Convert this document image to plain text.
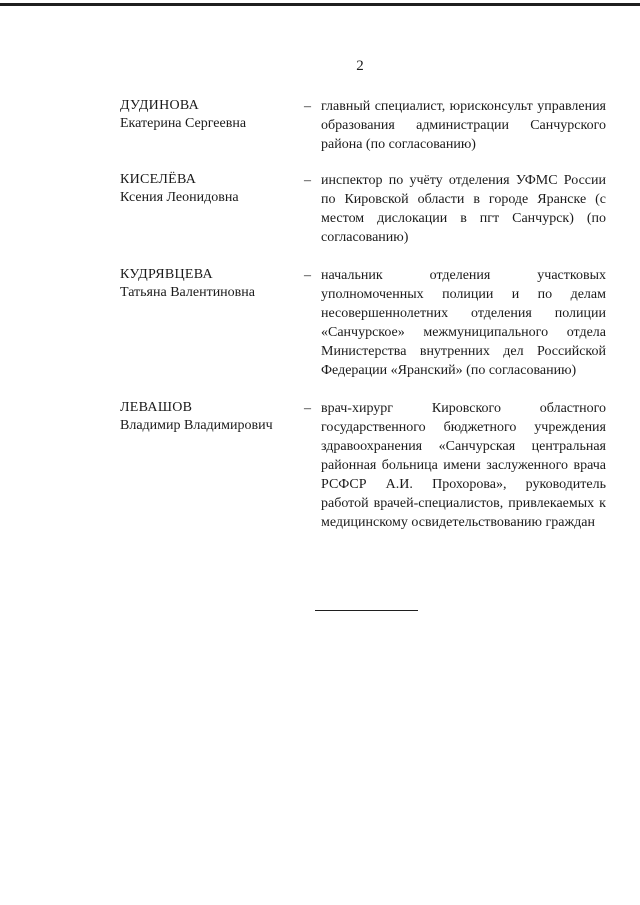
2
ДУДИНОВА
Екатерина Сергеевна
– главный специалист, юрисконсульт управления образования администрации Санчурского района (по согласованию)
КИСЕЛЁВА
Ксения Леонидовна
– инспектор по учёту отделения УФМС России по Кировской области в городе Яранске (с местом дислокации в пгт Санчурск) (по согласованию)
КУДРЯВЦЕВА
Татьяна Валентиновна
– начальник отделения участковых уполномоченных полиции и по делам несовершеннолетних отделения полиции «Санчурское» межмуниципального отдела Министерства внутренних дел Российской Федерации «Яранский» (по согласованию)
ЛЕВАШОВ
Владимир Владимирович
– врач-хирург Кировского областного государственного бюджетного учреждения здравоохранения «Санчурская центральная районная больница имени заслуженного врача РСФСР А.И. Прохорова», руководитель работой врачей-специалистов, привлекаемых к медицинскому освидетельствованию граждан
